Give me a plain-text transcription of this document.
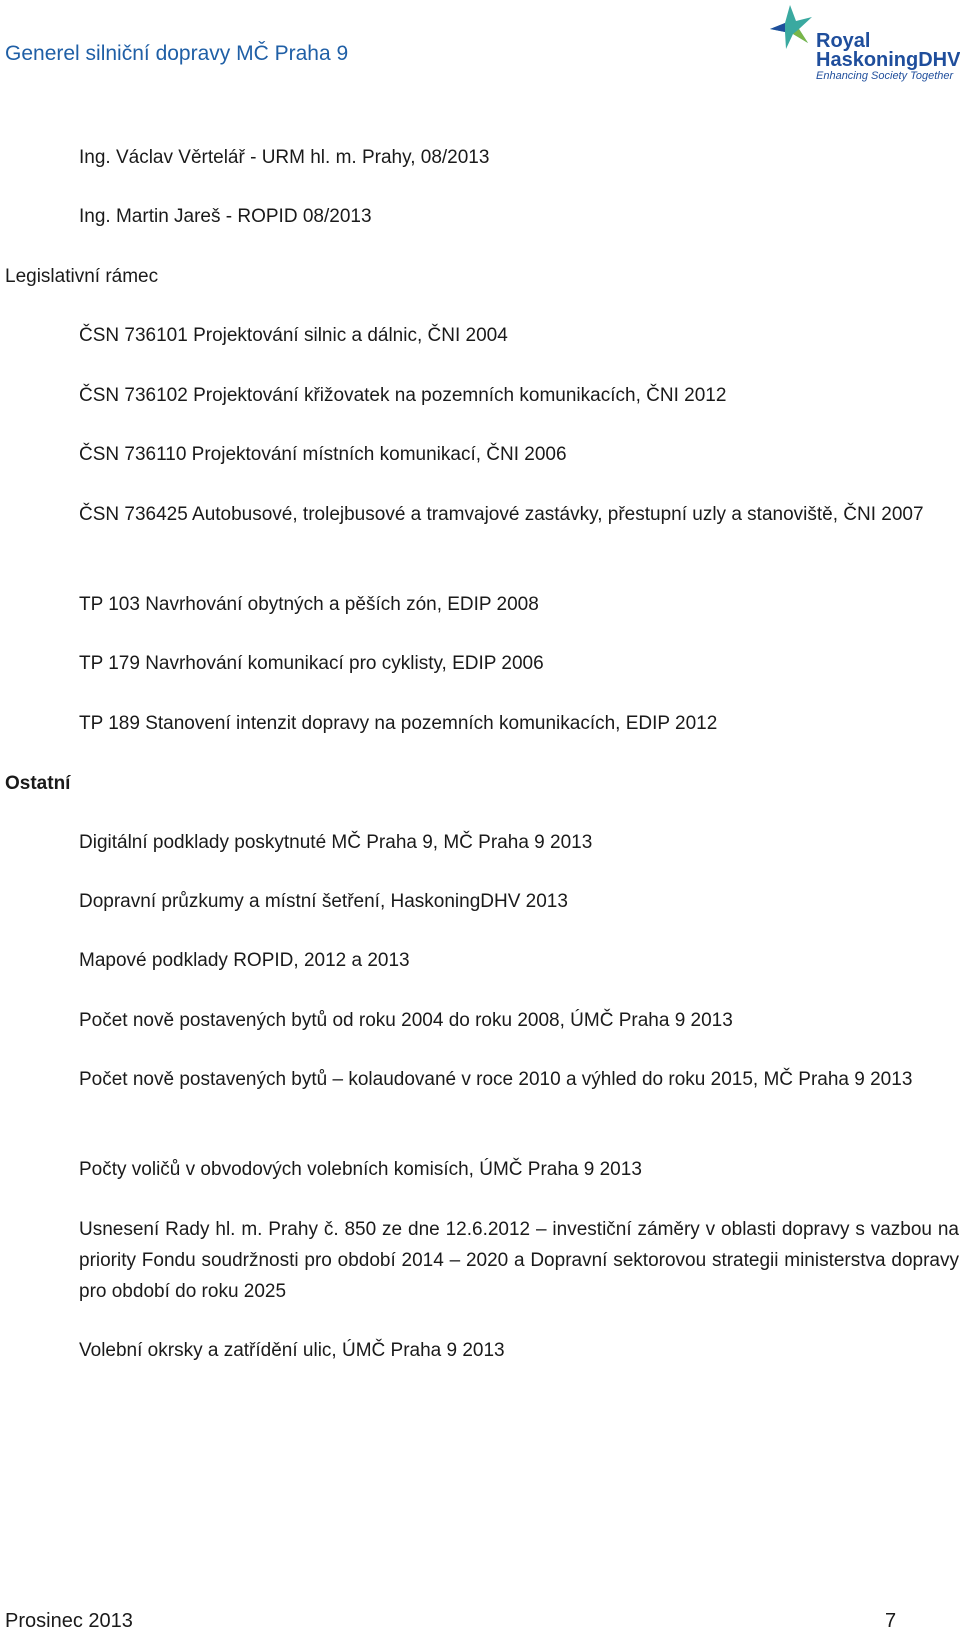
Generel silniční dopravy MČ Praha 9
Royal
HaskoningDHV
Enhancing Society Together
Ing. Václav Věrtelář - URM hl. m. Prahy, 08/2013
Ing. Martin Jareš - ROPID 08/2013
Legislativní rámec
ČSN 736101 Projektování silnic a dálnic, ČNI 2004
ČSN 736102 Projektování křižovatek na pozemních komunikacích, ČNI 2012
ČSN 736110 Projektování místních komunikací, ČNI 2006
ČSN 736425 Autobusové, trolejbusové a tramvajové zastávky, přestupní uzly a stanoviště, ČNI 2007
TP 103 Navrhování obytných a pěších zón, EDIP 2008
TP 179 Navrhování komunikací pro cyklisty, EDIP 2006
TP 189 Stanovení intenzit dopravy na pozemních komunikacích, EDIP 2012
Ostatní
Digitální podklady poskytnuté MČ Praha 9, MČ Praha 9 2013
Dopravní průzkumy a místní šetření, HaskoningDHV 2013
Mapové podklady ROPID, 2012 a 2013
Počet nově postavených bytů od roku 2004 do roku 2008, ÚMČ Praha 9 2013
Počet nově postavených bytů – kolaudované v roce 2010 a výhled do roku 2015, MČ Praha 9 2013
Počty voličů v obvodových volebních komisích, ÚMČ Praha 9 2013
Usnesení Rady hl. m. Prahy č. 850 ze dne 12.6.2012 – investiční záměry v oblasti dopravy s vazbou na priority Fondu soudržnosti pro období 2014 – 2020 a Dopravní sektorovou strategii ministerstva dopravy pro období do roku 2025
Volební okrsky a zatřídění ulic, ÚMČ Praha 9 2013
Prosinec 2013	7
